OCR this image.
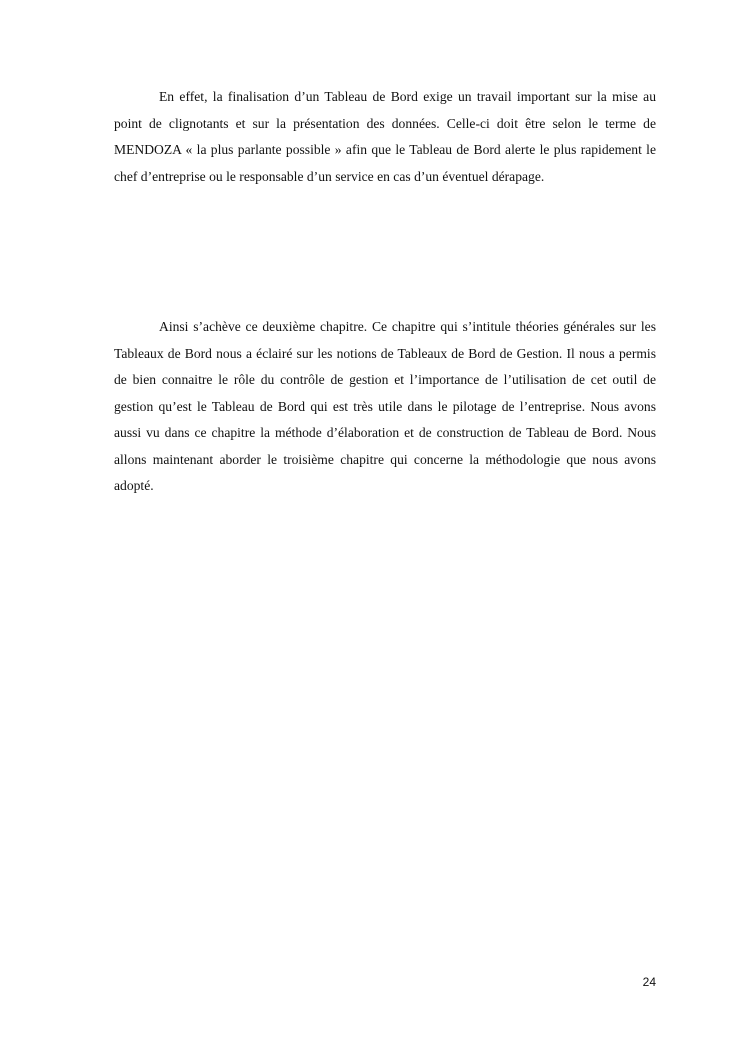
En effet, la finalisation d’un Tableau de Bord exige un travail important sur la mise au point de clignotants et sur la présentation des données. Celle-ci doit être selon le terme de MENDOZA « la plus parlante possible » afin que le Tableau de Bord alerte le plus rapidement le chef d’entreprise ou le responsable d’un service en cas d’un éventuel dérapage.

Ainsi s’achève ce deuxième chapitre. Ce chapitre qui s’intitule théories générales sur les Tableaux de Bord nous a éclairé sur les notions de Tableaux de Bord de Gestion. Il nous a permis de bien connaitre le rôle du contrôle de gestion et l’importance de l’utilisation de cet outil de gestion qu’est le Tableau de Bord qui est très utile dans le pilotage de l’entreprise. Nous avons aussi vu dans ce chapitre la méthode d’élaboration et de construction de Tableau de Bord. Nous allons maintenant aborder le troisième chapitre qui concerne la méthodologie que nous avons adopté.

24
